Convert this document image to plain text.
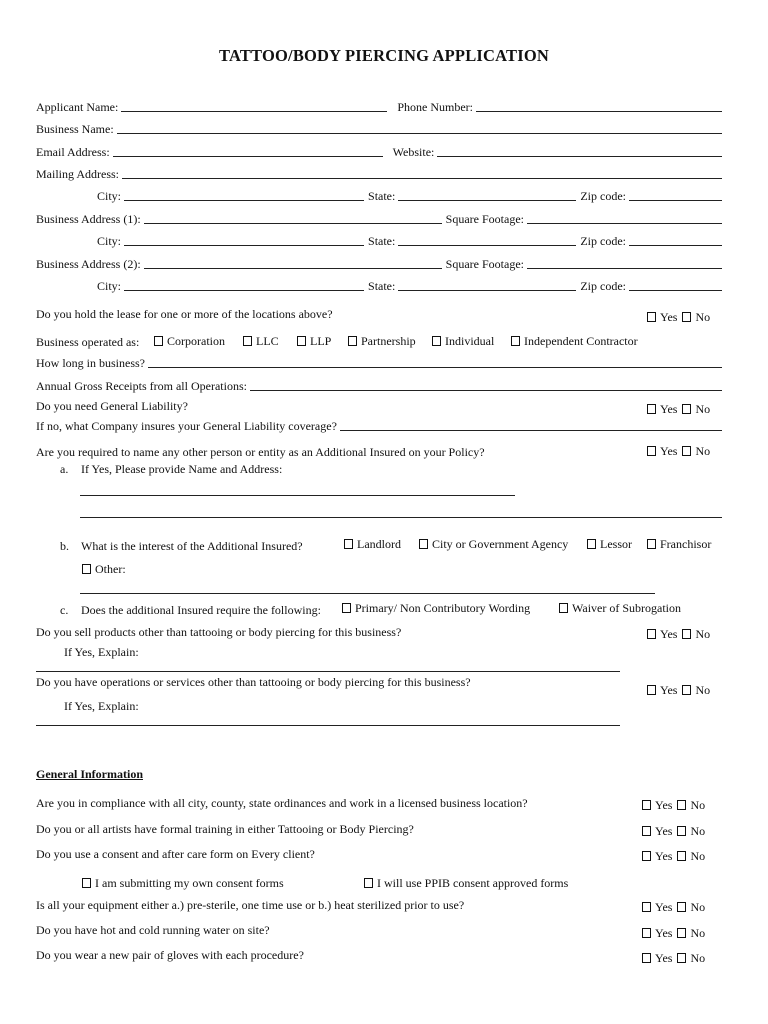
TATTOO/BODY PIERCING APPLICATION
Applicant Name:	Phone Number:
Business Name:
Email Address:	Website:
Mailing Address:
City:	State:	Zip code:
Business Address (1):	Square Footage:
City:	State:	Zip code:
Business Address (2):	Square Footage:
City:	State:	Zip code:
Do you hold the lease for one or more of the locations above?	Yes No
Business operated as: Corporation	LLC	LLP Partnership Individual Independent Contractor
How long in business?
Annual Gross Receipts from all Operations:
Do you need General Liability?	Yes No
If no, what Company insures your General Liability coverage?
Are you required to name any other person or entity as an Additional Insured on your Policy?	Yes No
a. If Yes, Please provide Name and Address:
b. What is the interest of the Additional Insured?	Landlord	City or Government Agency	Lessor Franchisor
Other:
c. Does the additional Insured require the following:	Primary/ Non Contributory Wording	Waiver of Subrogation
Do you sell products other than tattooing or body piercing for this business?	Yes No
If Yes, Explain:
Do you have operations or services other than tattooing or body piercing for this business?
Yes No
If Yes, Explain:
General Information
Are you in compliance with all city, county, state ordinances and work in a licensed business location?	Yes No
Do you or all artists have formal training in either Tattooing or Body Piercing?	Yes No
Do you use a consent and after care form on Every client?	Yes No
I am submitting my own consent forms	I will use PPIB consent approved forms
Is all your equipment either a.) pre-sterile, one time use or b.) heat sterilized prior to use?	Yes No
Do you have hot and cold running water on site?	Yes No
Do you wear a new pair of gloves with each procedure?	Yes No
